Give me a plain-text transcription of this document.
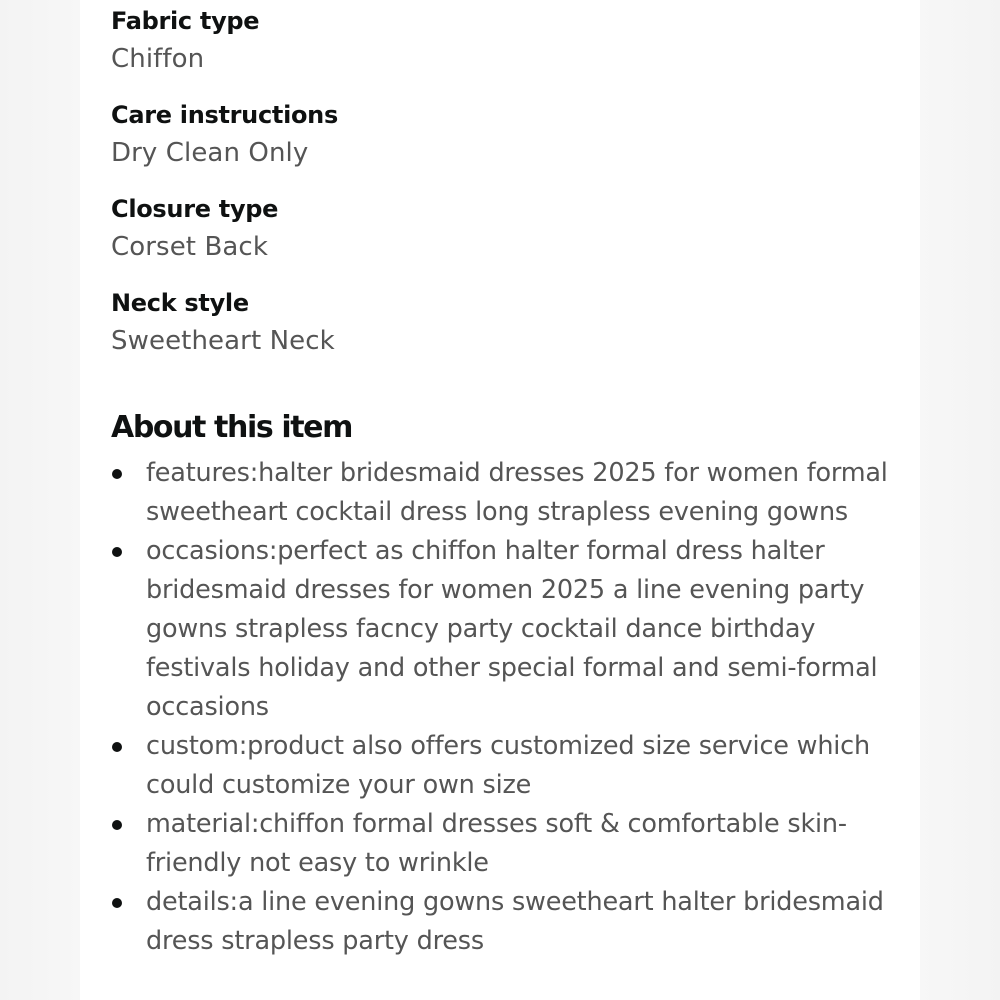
Fabric type
Chiffon
Care instructions
Dry Clean Only
Closure type
Corset Back
Neck style
Sweetheart Neck
About this item
features:halter bridesmaid dresses 2025 for women formal sweetheart cocktail dress long strapless evening gowns
occasions:perfect as chiffon halter formal dress halter bridesmaid dresses for women 2025 a line evening party gowns strapless facncy party cocktail dance birthday festivals holiday and other special formal and semi-formal occasions
custom:product also offers customized size service which could customize your own size
material:chiffon formal dresses soft & comfortable skin-friendly not easy to wrinkle
details:a line evening gowns sweetheart halter bridesmaid dress strapless party dress
